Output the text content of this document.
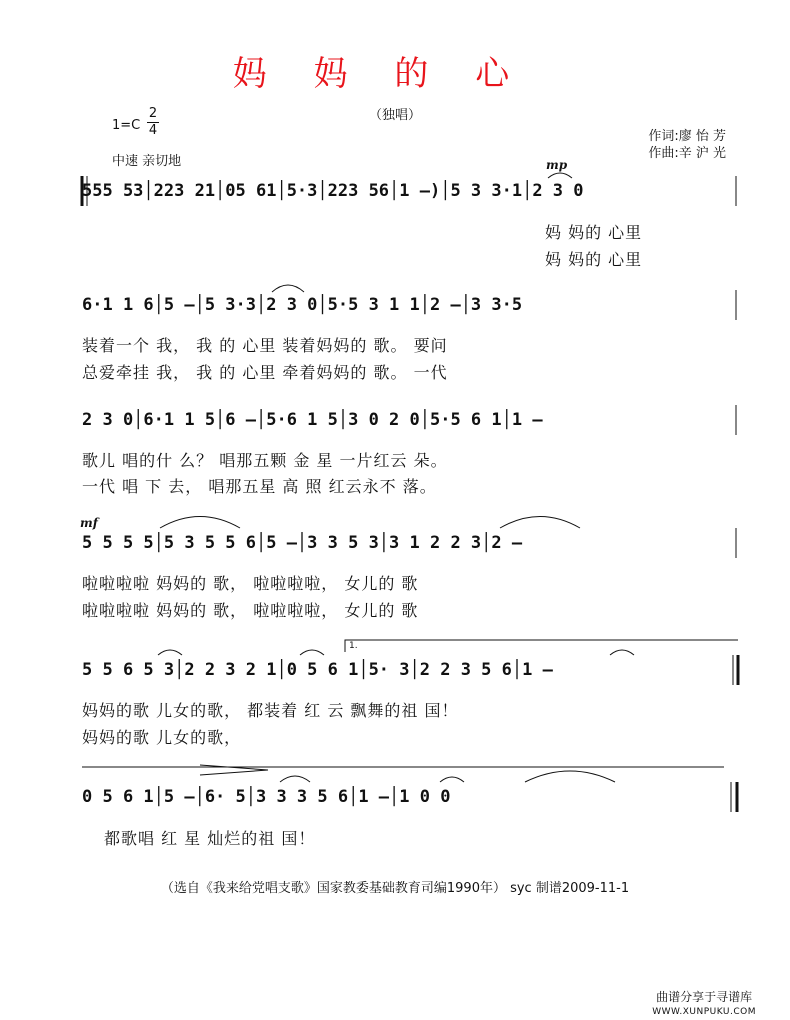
妈 妈 的 心
（独唱）
1=C
2
4
中速 亲切地
作词:廖 怡 芳
作曲:辛 沪 光
mp
mf
1.
555 53│223 21│05 61│5·3│223 56│1 –)│5 3 3·1│2 3 0
妈 妈的 心里
妈 妈的 心里
6·1 1 6│5 –│5 3·3│2 3 0│5·5 3 1 1│2 –│3 3·5
装着一个 我， 我 的 心里 装着妈妈的 歌。 要问
总爱牵挂 我， 我 的 心里 牵着妈妈的 歌。 一代
2 3 0│6·1 1 5│6 –│5·6 1 5│3 0 2 0│5·5 6 1│1 –
歌儿 唱的什 么？ 唱那五颗 金 星 一片红云 朵。
一代 唱 下 去， 唱那五星 高 照 红云永不 落。
5 5 5 5│5 3 5 5 6│5 –│3 3 5 3│3 1 2 2 3│2 –
啦啦啦啦 妈妈的 歌， 啦啦啦啦， 女儿的 歌
啦啦啦啦 妈妈的 歌， 啦啦啦啦， 女儿的 歌
5 5 6 5 3│2 2 3 2 1│0 5 6 1│5· 3│2 2 3 5 6│1 –
妈妈的歌 儿女的歌， 都装着 红 云 飘舞的祖 国！
妈妈的歌 儿女的歌，
0 5 6 1│5 –│6· 5│3 3 3 5 6│1 –│1 0 0
都歌唱 红 星 灿烂的祖 国！
（选自《我来给党唱支歌》国家教委基础教育司编1990年） syc 制谱2009-11-1
曲谱分享于寻谱库
WWW.XUNPUKU.COM
